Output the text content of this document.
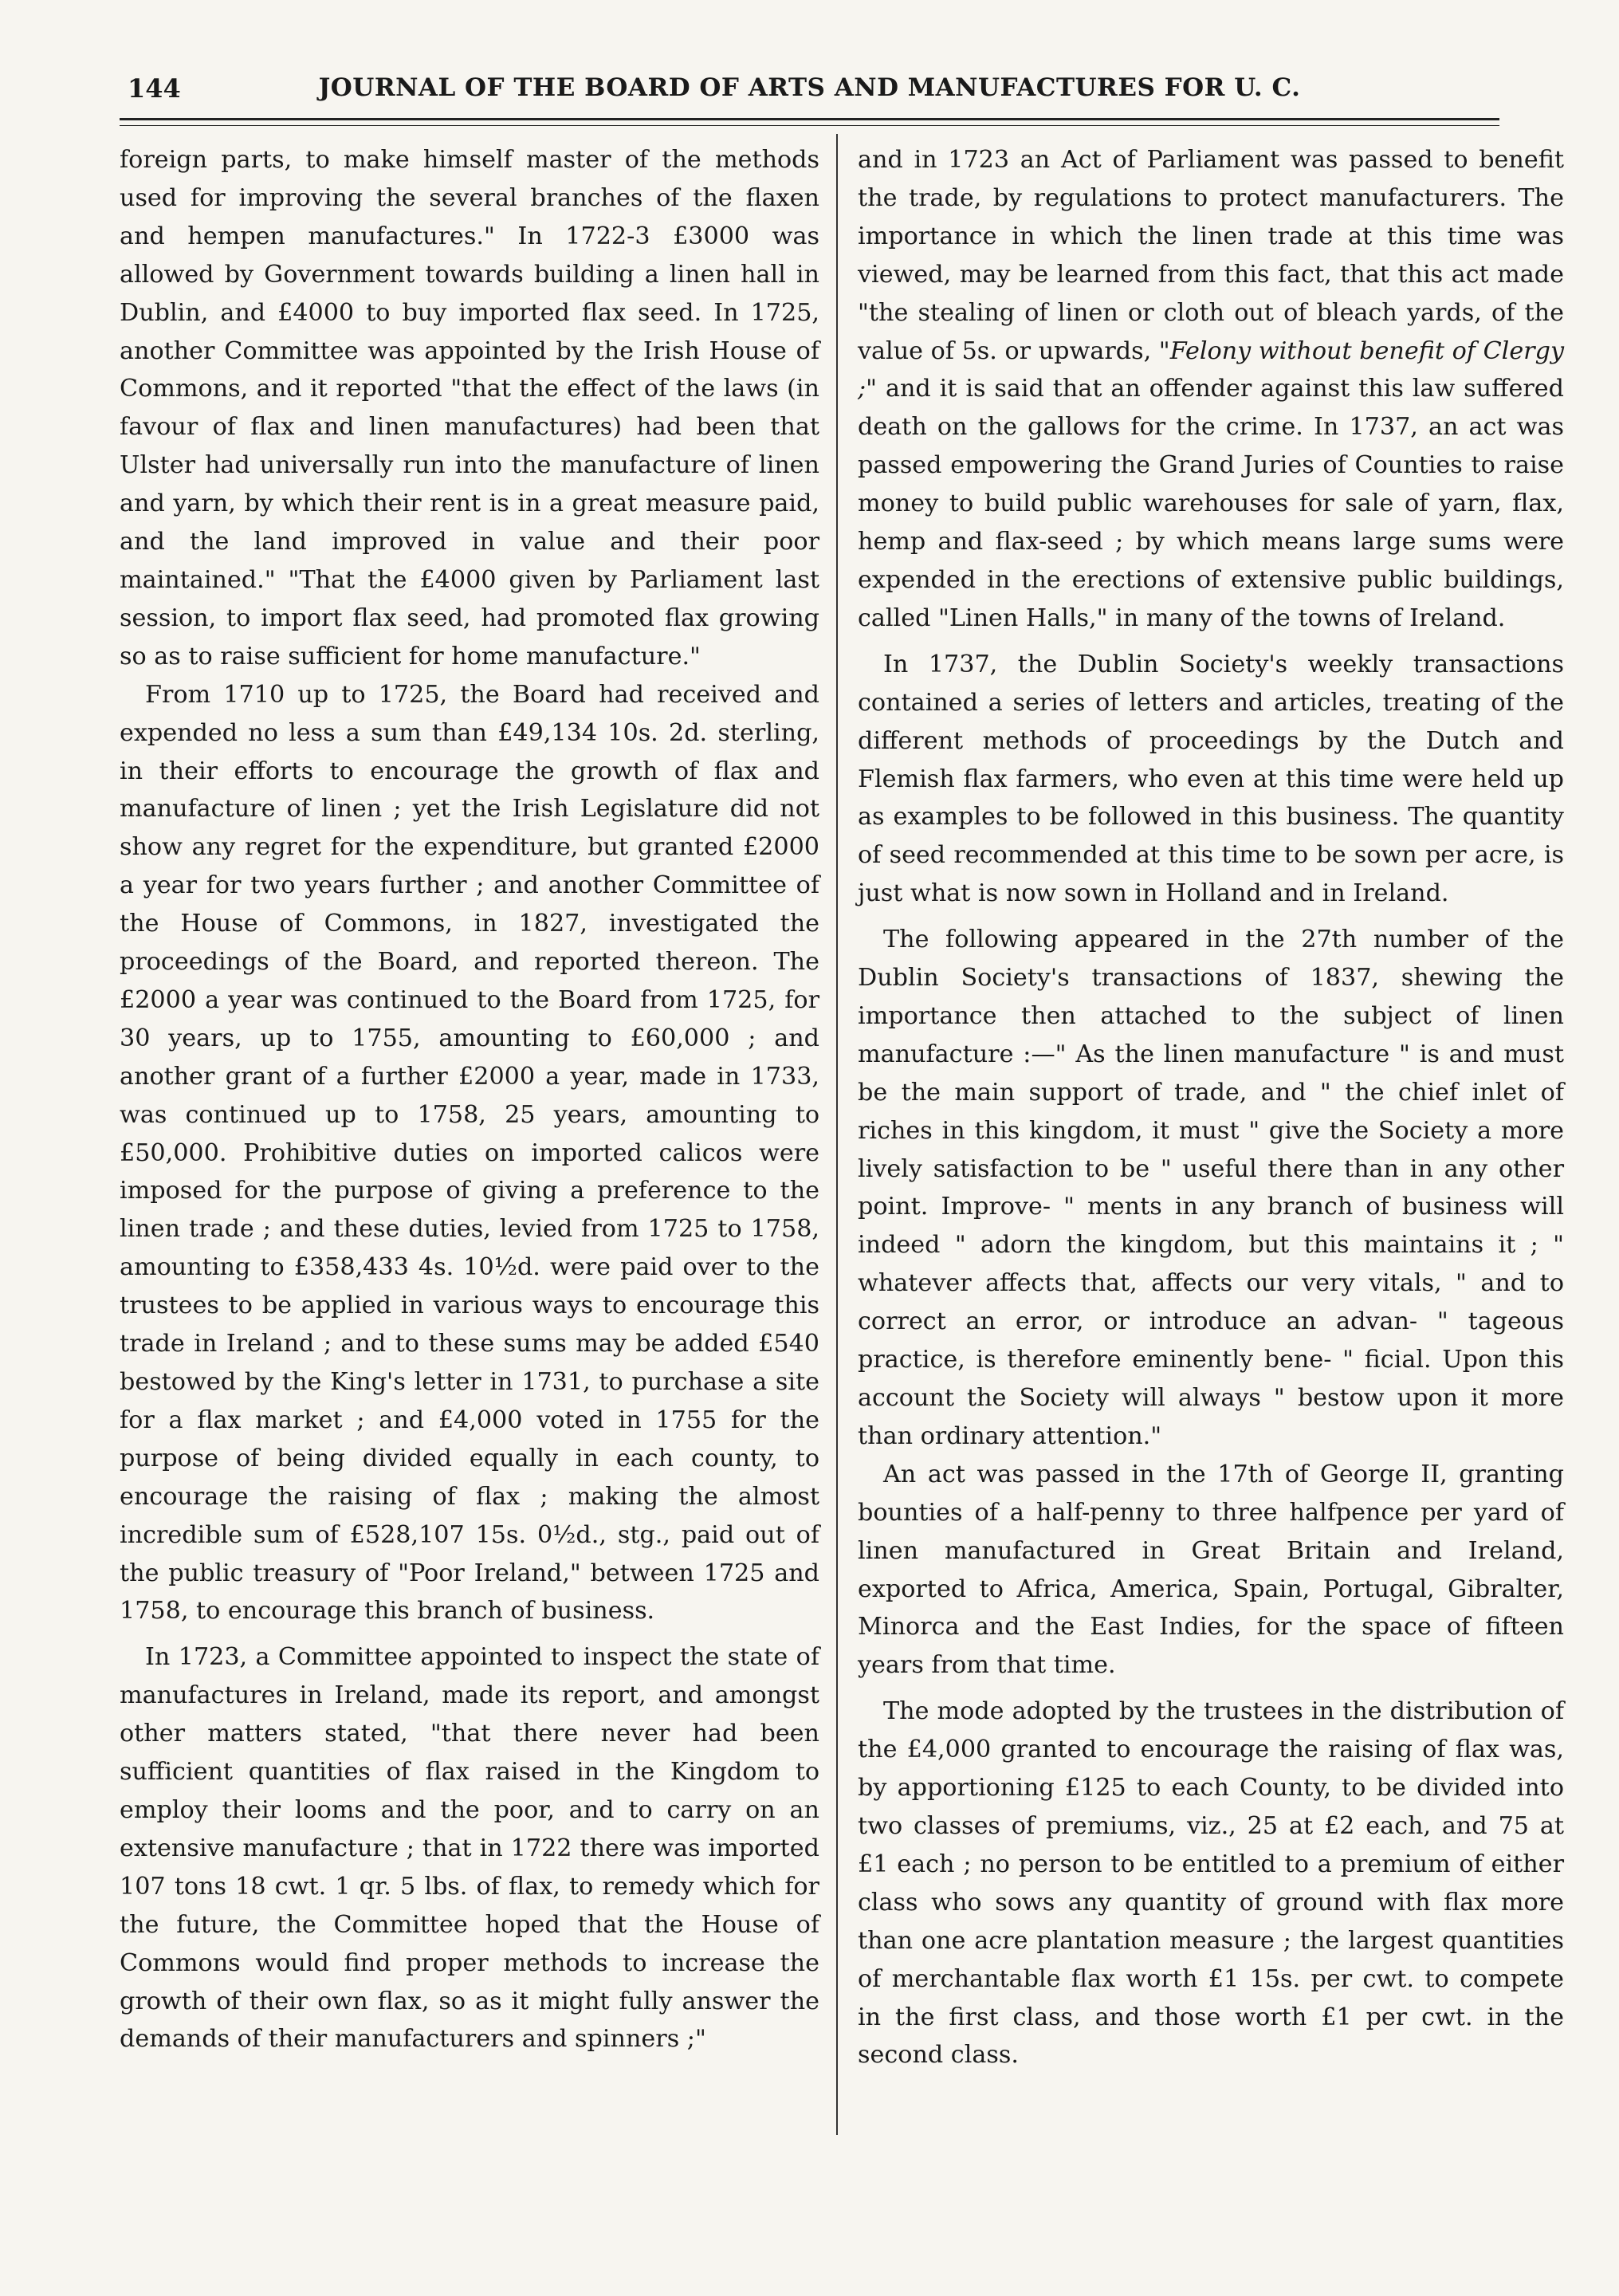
144	JOURNAL OF THE BOARD OF ARTS AND MANUFACTURES FOR U. C.

foreign parts, to make himself master of the methods used for improving the several branches of the flaxen and hempen manufactures." In 1722-3 £3000 was allowed by Government towards building a linen hall in Dublin, and £4000 to buy imported flax seed. In 1725, another Committee was appointed by the Irish House of Commons, and it reported "that the effect of the laws (in favour of flax and linen manufactures) had been that Ulster had universally run into the manufacture of linen and yarn, by which their rent is in a great measure paid, and the land improved in value and their poor maintained." "That the £4000 given by Parliament last session, to import flax seed, had promoted flax growing so as to raise sufficient for home manufacture."

From 1710 up to 1725, the Board had received and expended no less a sum than £49,134 10s. 2d. sterling, in their efforts to encourage the growth of flax and manufacture of linen ; yet the Irish Legislature did not show any regret for the expenditure, but granted £2000 a year for two years further ; and another Committee of the House of Commons, in 1827, investigated the proceedings of the Board, and reported thereon. The £2000 a year was continued to the Board from 1725, for 30 years, up to 1755, amounting to £60,000 ; and another grant of a further £2000 a year, made in 1733, was continued up to 1758, 25 years, amounting to £50,000. Prohibitive duties on imported calicos were imposed for the purpose of giving a preference to the linen trade ; and these duties, levied from 1725 to 1758, amounting to £358,433 4s. 10½d. were paid over to the trustees to be applied in various ways to encourage this trade in Ireland ; and to these sums may be added £540 bestowed by the King's letter in 1731, to purchase a site for a flax market ; and £4,000 voted in 1755 for the purpose of being divided equally in each county, to encourage the raising of flax ; making the almost incredible sum of £528,107 15s. 0½d., stg., paid out of the public treasury of "Poor Ireland," between 1725 and 1758, to encourage this branch of business.

In 1723, a Committee appointed to inspect the state of manufactures in Ireland, made its report, and amongst other matters stated, "that there never had been sufficient quantities of flax raised in the Kingdom to employ their looms and the poor, and to carry on an extensive manufacture ; that in 1722 there was imported 107 tons 18 cwt. 1 qr. 5 lbs. of flax, to remedy which for the future, the Committee hoped that the House of Commons would find proper methods to increase the growth of their own flax, so as it might fully answer the demands of their manufacturers and spinners ;"

and in 1723 an Act of Parliament was passed to benefit the trade, by regulations to protect manufacturers. The importance in which the linen trade at this time was viewed, may be learned from this fact, that this act made "the stealing of linen or cloth out of bleach yards, of the value of 5s. or upwards, "Felony without benefit of Clergy ;" and it is said that an offender against this law suffered death on the gallows for the crime. In 1737, an act was passed empowering the Grand Juries of Counties to raise money to build public warehouses for sale of yarn, flax, hemp and flax-seed ; by which means large sums were expended in the erections of extensive public buildings, called "Linen Halls," in many of the towns of Ireland.

In 1737, the Dublin Society's weekly transactions contained a series of letters and articles, treating of the different methods of proceedings by the Dutch and Flemish flax farmers, who even at this time were held up as examples to be followed in this business. The quantity of seed recommended at this time to be sown per acre, is just what is now sown in Holland and in Ireland.

The following appeared in the 27th number of the Dublin Society's transactions of 1837, shewing the importance then attached to the subject of linen manufacture :—" As the linen manufacture " is and must be the main support of trade, and " the chief inlet of riches in this kingdom, it must " give the Society a more lively satisfaction to be " useful there than in any other point. Improve- " ments in any branch of business will indeed " adorn the kingdom, but this maintains it ; " whatever affects that, affects our very vitals, " and to correct an error, or introduce an advan- " tageous practice, is therefore eminently bene- " ficial. Upon this account the Society will always " bestow upon it more than ordinary attention."

An act was passed in the 17th of George II, granting bounties of a half-penny to three halfpence per yard of linen manufactured in Great Britain and Ireland, exported to Africa, America, Spain, Portugal, Gibralter, Minorca and the East Indies, for the space of fifteen years from that time.

The mode adopted by the trustees in the distribution of the £4,000 granted to encourage the raising of flax was, by apportioning £125 to each County, to be divided into two classes of premiums, viz., 25 at £2 each, and 75 at £1 each ; no person to be entitled to a premium of either class who sows any quantity of ground with flax more than one acre plantation measure ; the largest quantities of merchantable flax worth £1 15s. per cwt. to compete in the first class, and those worth £1 per cwt. in the second class.
